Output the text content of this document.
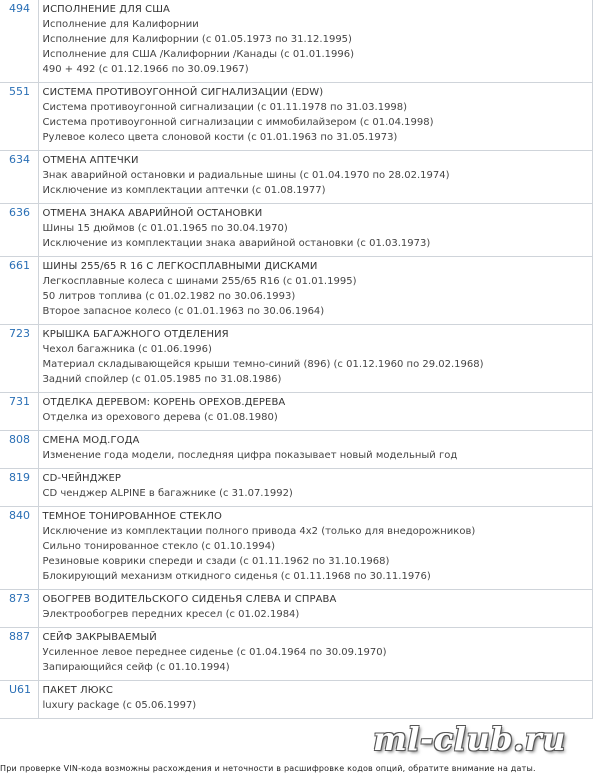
494	ИСПОЛНЕНИЕ ДЛЯ США
Исполнение для Калифорнии
Исполнение для Калифорнии (с 01.05.1973 по 31.12.1995)
Исполнение для США /Калифорнии /Канады (с 01.01.1996)
490 + 492 (с 01.12.1966 по 30.09.1967)

551	СИСТЕМА ПРОТИВОУГОННОЙ СИГНАЛИЗАЦИИ (EDW)
Система противоугонной сигнализации (с 01.11.1978 по 31.03.1998)
Система противоугонной сигнализации с иммобилайзером (с 01.04.1998)
Рулевое колесо цвета слоновой кости (с 01.01.1963 по 31.05.1973)

634	ОТМЕНА АПТЕЧКИ
Знак аварийной остановки и радиальные шины (с 01.04.1970 по 28.02.1974)
Исключение из комплектации аптечки (с 01.08.1977)

636	ОТМЕНА ЗНАКА АВАРИЙНОЙ ОСТАНОВКИ
Шины 15 дюймов (с 01.01.1965 по 30.04.1970)
Исключение из комплектации знака аварийной остановки (с 01.03.1973)

661	ШИНЫ 255/65 R 16 С ЛЕГКОСПЛАВНЫМИ ДИСКАМИ
Легкосплавные колеса с шинами 255/65 R16 (с 01.01.1995)
50 литров топлива (с 01.02.1982 по 30.06.1993)
Второе запасное колесо (с 01.01.1963 по 30.06.1964)

723	КРЫШКА БАГАЖНОГО ОТДЕЛЕНИЯ
Чехол багажника (с 01.06.1996)
Материал складывающейся крыши темно-синий (896) (с 01.12.1960 по 29.02.1968)
Задний спойлер (с 01.05.1985 по 31.08.1986)

731	ОТДЕЛКА ДЕРЕВОМ: КОРЕНЬ ОРЕХОВ.ДЕРЕВА
Отделка из орехового дерева (с 01.08.1980)

808	СМЕНА МОД.ГОДА
Изменение года модели, последняя цифра показывает новый модельный год

819	CD-ЧЕЙНДЖЕР
CD ченджер ALPINE в багажнике (с 31.07.1992)

840	ТЕМНОЕ ТОНИРОВАННОЕ СТЕКЛО
Исключение из комплектации полного привода 4x2 (только для внедорожников)
Сильно тонированное стекло (с 01.10.1994)
Резиновые коврики спереди и сзади (с 01.11.1962 по 31.10.1968)
Блокирующий механизм откидного сиденья (с 01.11.1968 по 30.11.1976)

873	ОБОГРЕВ ВОДИТЕЛЬСКОГО СИДЕНЬЯ СЛЕВА И СПРАВА
Электрообогрев передних кресел (с 01.02.1984)

887	СЕЙФ ЗАКРЫВАЕМЫЙ
Усиленное левое переднее сиденье (с 01.04.1964 по 30.09.1970)
Запирающийся сейф (с 01.10.1994)

U61	ПАКЕТ ЛЮКС
luxury package (с 05.06.1997)
ml-club.ru
При проверке VIN-кода возможны расхождения и неточности в расшифровке кодов опций, обратите внимание на даты.
